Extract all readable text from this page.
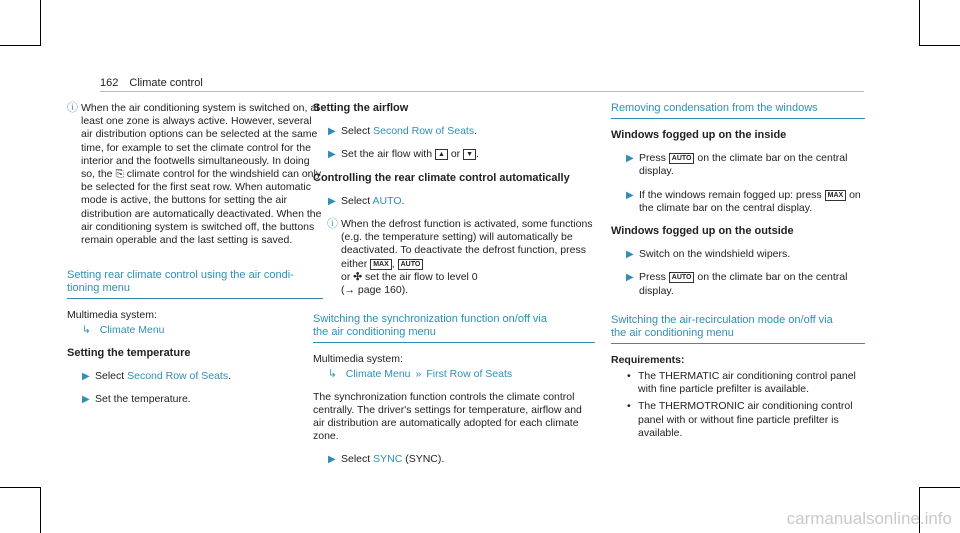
162 Climate control

ⓘ When the air conditioning system is switched on, at least one zone is always active. However, several air distribution options can be selected at the same time, for example to set the climate control for the interior and the footwells simultaneously. In doing so, the ⎘ climate control for the windshield can only be selected for the first seat row. When automatic mode is active, the buttons for setting the air distribution are automatically deactivated. When the air conditioning system is switched off, the buttons remain operable and the last setting is saved.

Setting rear climate control using the air condi-
tioning menu

Multimedia system:

↳ Climate Menu

Setting the temperature

▶ Select Second Row of Seats.

▶ Set the temperature.

Setting the airflow

▶ Select Second Row of Seats.

▶ Set the air flow with ▲ or ▼ .

Controlling the rear climate control automatically

▶ Select AUTO.

ⓘ When the defrost function is activated, some functions (e.g. the temperature setting) will automatically be deactivated. To deactivate the defrost function, press either MAX , AUTO
or ✣ set the air flow to level 0
(→ page 160).

Switching the synchronization function on/off via
the air conditioning menu

Multimedia system:

↳ Climate Menu » First Row of Seats

The synchronization function controls the climate control centrally. The driver's settings for temperature, airflow and air distribution are automatically adopted for each climate zone.

▶ Select SYNC (SYNC).

Removing condensation from the windows

Windows fogged up on the inside

▶ Press AUTO on the climate bar on the central display.

▶ If the windows remain fogged up: press MAX on the climate bar on the central display.

Windows fogged up on the outside

▶ Switch on the windshield wipers.

▶ Press AUTO on the climate bar on the central display.

Switching the air-recirculation mode on/off via
the air conditioning menu

Requirements:

• The THERMATIC air conditioning control panel with fine particle prefilter is available.

• The THERMOTRONIC air conditioning control panel with or without fine particle prefilter is available.

carmanualsonline.info
